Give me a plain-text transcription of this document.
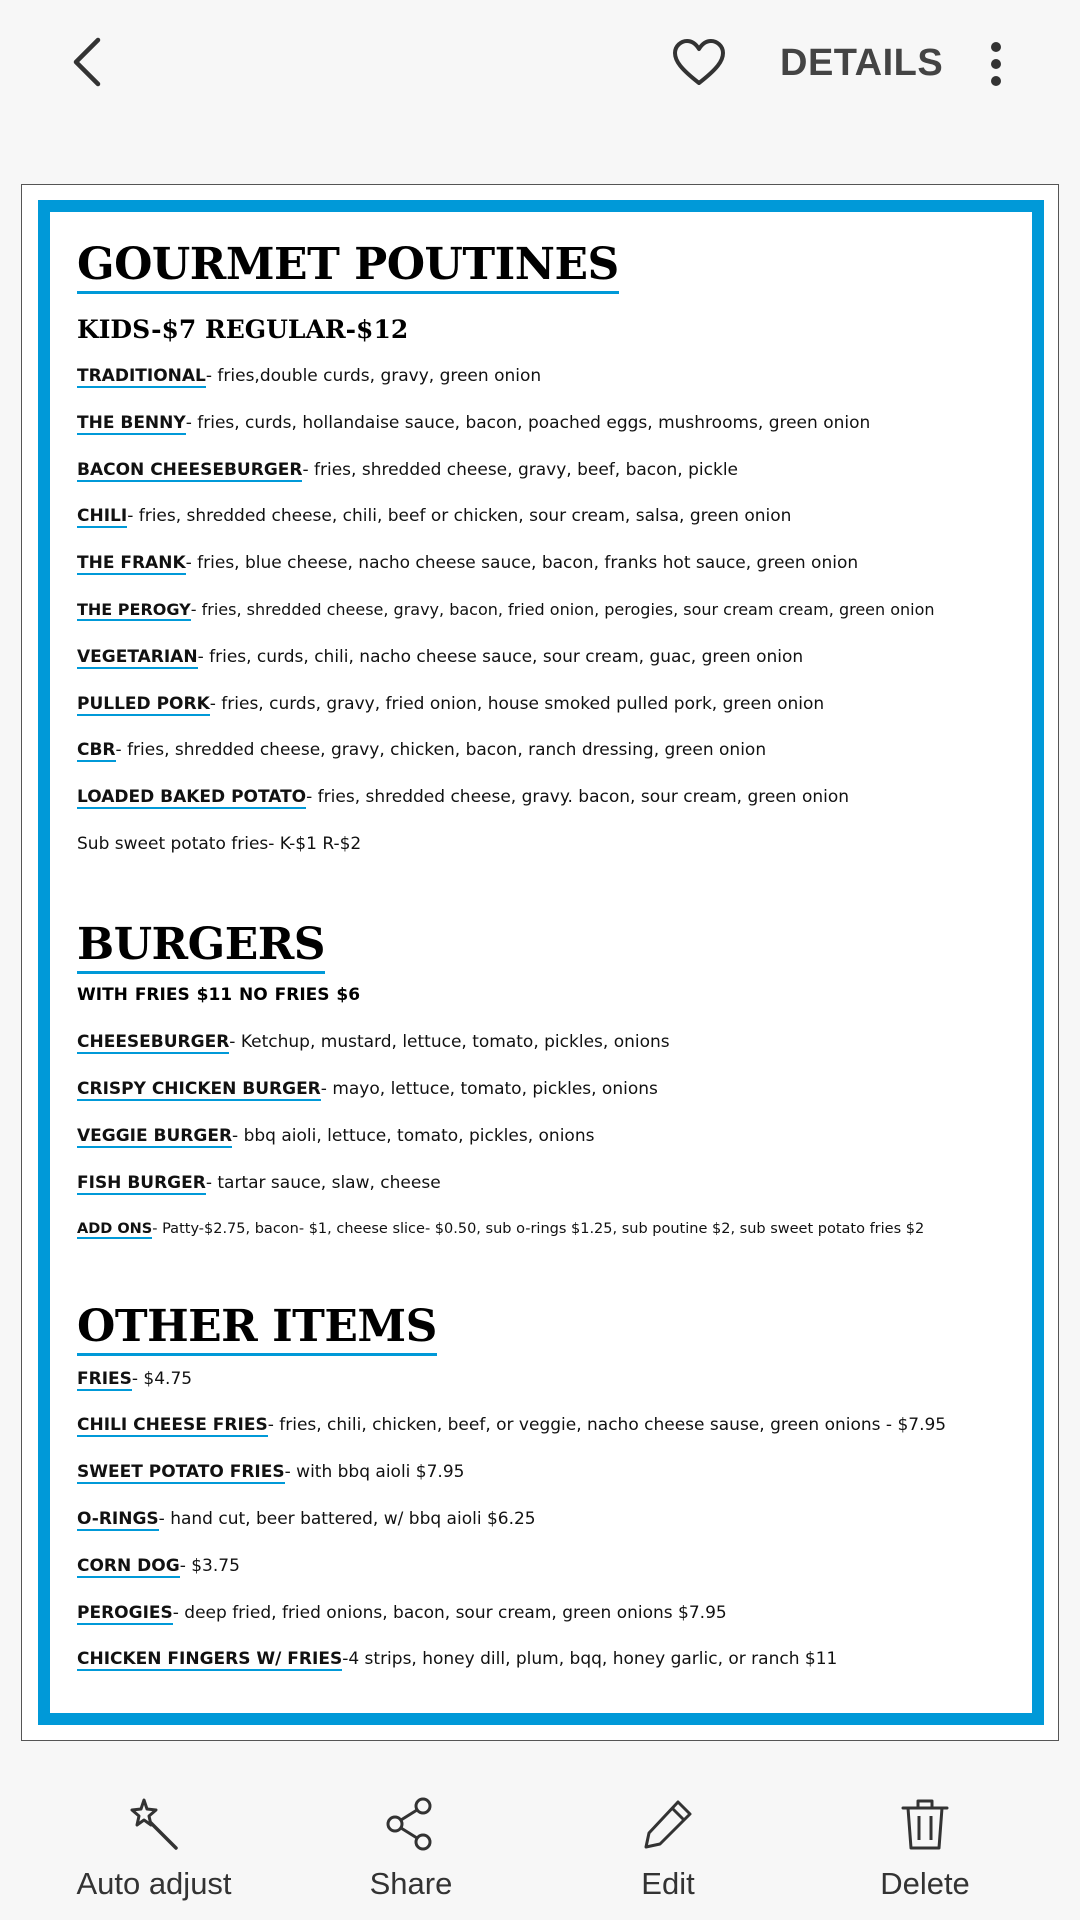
DETAILS
GOURMET POUTINES
KIDS-$7 REGULAR-$12
TRADITIONAL- fries,double curds, gravy, green onion
THE BENNY- fries, curds, hollandaise sauce, bacon, poached eggs, mushrooms, green onion
BACON CHEESEBURGER- fries, shredded cheese, gravy, beef, bacon, pickle
CHILI- fries, shredded cheese, chili, beef or chicken, sour cream, salsa, green onion
THE FRANK- fries, blue cheese, nacho cheese sauce, bacon, franks hot sauce, green onion
THE PEROGY- fries, shredded cheese, gravy, bacon, fried onion, perogies, sour cream cream, green onion
VEGETARIAN- fries, curds, chili, nacho cheese sauce, sour cream, guac, green onion
PULLED PORK- fries, curds, gravy, fried onion, house smoked pulled pork, green onion
CBR- fries, shredded cheese, gravy, chicken, bacon, ranch dressing, green onion
LOADED BAKED POTATO- fries, shredded cheese, gravy. bacon, sour cream, green onion
Sub sweet potato fries- K-$1 R-$2
BURGERS
WITH FRIES $11 NO FRIES $6
CHEESEBURGER- Ketchup, mustard, lettuce, tomato, pickles, onions
CRISPY CHICKEN BURGER- mayo, lettuce, tomato, pickles, onions
VEGGIE BURGER- bbq aioli, lettuce, tomato, pickles, onions
FISH BURGER- tartar sauce, slaw, cheese
ADD ONS- Patty-$2.75, bacon- $1, cheese slice- $0.50, sub o-rings $1.25, sub poutine $2, sub sweet potato fries $2
OTHER ITEMS
FRIES- $4.75
CHILI CHEESE FRIES- fries, chili, chicken, beef, or veggie, nacho cheese sause, green onions - $7.95
SWEET POTATO FRIES- with bbq aioli $7.95
O-RINGS- hand cut, beer battered, w/ bbq aioli $6.25
CORN DOG- $3.75
PEROGIES- deep fried, fried onions, bacon, sour cream, green onions $7.95
CHICKEN FINGERS W/ FRIES-4 strips, honey dill, plum, bqq, honey garlic, or ranch $11
Auto adjust	Share	Edit	Delete
